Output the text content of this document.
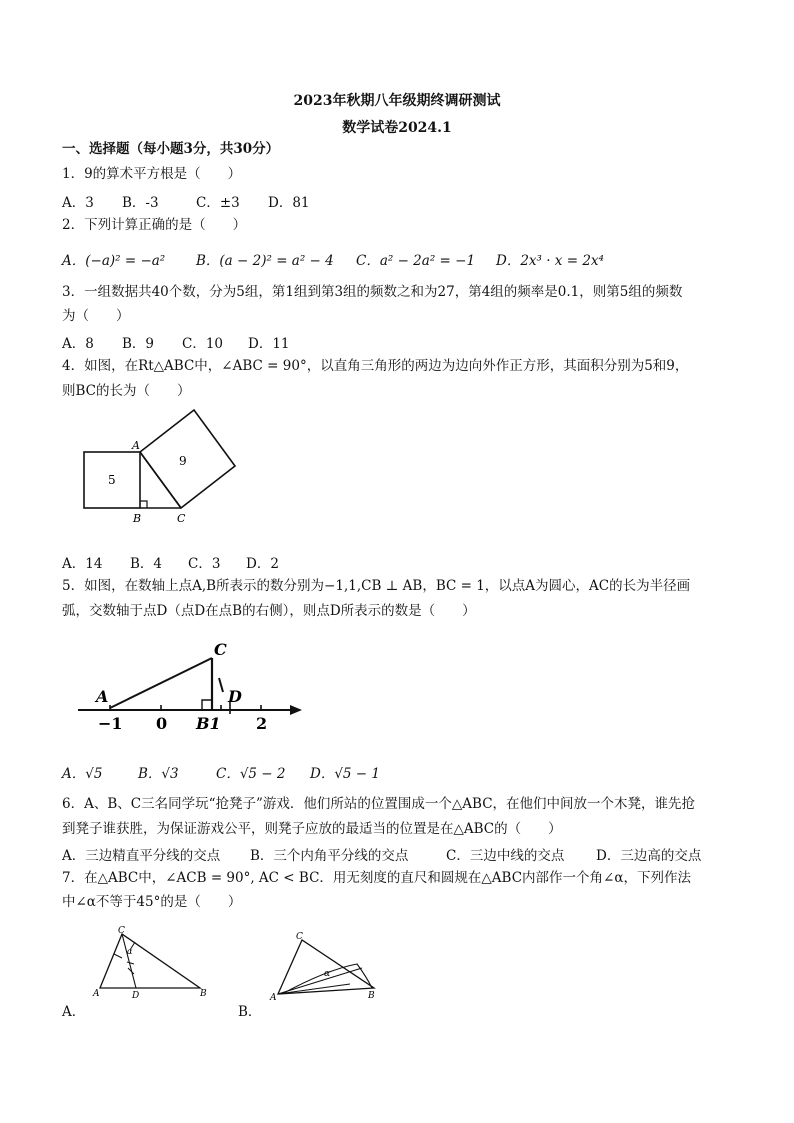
2023年秋期八年级期终调研测试
数学试卷2024.1
一、选择题（每小题3分，共30分）
1．9的算术平方根是（　　）
A．3 B．-3	C．±3 D．81
2．下列计算正确的是（　　）
A．(−a)² = −a² B．(a − 2)² = a² − 4 C．a² − 2a² = −1 D．2x³ · x = 2x⁴
3．一组数据共40个数，分为5组，第1组到第3组的频数之和为27，第4组的频率是0.1，则第5组的频数
为（　　）
A．8 B．9 C．10 D．11
4．如图，在Rt△ABC中，∠ABC = 90°，以直角三角形的两边为边向外作正方形，其面积分别为5和9，
则BC的长为（　　）
5
9
A
B	C
A．14 B．4 C．3 D．2
5．如图，在数轴上点A,B所表示的数分别为−1,1,CB ⊥ AB，BC = 1，以点A为圆心，AC的长为半径画
弧，交数轴于点D（点D在点B的右侧），则点D所表示的数是（　　）
A
C
D
−1 0 B1 2
A．√5	B．√3	C．√5 − 2 D．√5 − 1
6．A、B、C三名同学玩“抢凳子”游戏．他们所站的位置围成一个△ABC，在他们中间放一个木凳，谁先抢
到凳子谁获胜，为保证游戏公平，则凳子应放的最适当的位置是在△ABC的（　　）
A．三边精直平分线的交点 B．三个内角平分线的交点	C．三边中线的交点 D．三边高的交点
7．在△ABC中，∠ACB = 90°, AC < BC．用无刻度的直尺和圆规在△ABC内部作一个角∠α，下列作法
中∠α不等于45°的是（　　）
C
α
A	D	B
A．
C
α
A	B
B．
